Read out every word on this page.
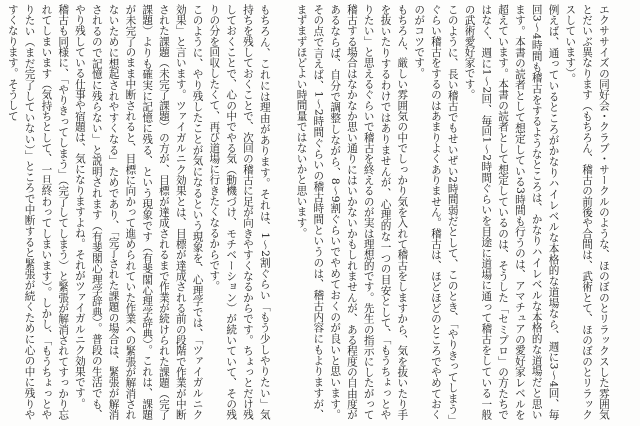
エクササイズの同好会・クラブ・サークルのような、ほのぼのとリラックスした雰囲気とだいぶ異なります（もちろん、稽古の前後や合間は、武術とて、ほのぼのとリラックスしています）。

例えば、通っているところがかなりハイレベルな本格的な道場なら、週に3〜4回、毎回3〜4時間も稽古をするようなところは、かなりハイレベルな本格的な道場だと思います。本書の読者として想定している3時間も行うのは、アマチュアの愛好家レベルを超えています。本書の読者として想定しているのは、そうした「セミプロ」の方たちではなく、週に1〜2回、毎回1〜2時間ぐらいを目途に道場に通って稽古をしている一般の武術愛好家です。

このように、長い稽古でもせいぜい2時間弱だとして、このとき、「やりきってしまう」ぐらい稽古をするのはあまりよくありません。稽古は、ほどほどのところでやめておくのがコツです。

もちろん、厳しい雰囲気の中でしっかり気を入れて稽古をしますから、気を抜いたり手を抜いたりするわけではありませんが、心理的な一つの目安として、「もうちょっとやりたい」と思えるぐらいで稽古を終えるのが実は理想的です。先生の指示にしたがって稽古する場合はなかなか思い通りにはいかないかもしれませんが、ある程度の自由度があるならば、自分で調整しながら、8〜9割ぐらいでやめておくのが良いと思います。その点で言えば、1〜2時間ぐらいの稽古時間というのは、稽古内容にもよりますが、まずまずほどよい時間量ではないかと思います。

もちろん、これには理由があります。それは、1〜2割ぐらい「もう少しやりたい」気持ちを残しておくことで、次回の稽古に足が向きやすくなるからです。ちょっとだけ残しておくことで、心の中でやる気（動機づけ、モチベーション）が続いていて、その残りの分を回収したくて、再び道場に行きたくなるからです。

このように、やり残したことが気になるという現象を、心理学では、「ツァイガルニク効果」と言います。ツァイガルニク効果とは、目標が達成される前の段階で作業が中断された課題（未完了課題）の方が、目標が達成されるまで作業が続けられた課題（完了課題）よりも確実に記憶に残る、という現象です（有斐閣心理学辞典）。これは、課題が未完了のまま中断されると、目標に向かって進められていた作業への緊張が解消されないために想起されやすくなる」ためであり、「完了された課題の場合は、緊張が解消されるので記憶に残らない」と説明されます（有斐閣心理学辞典）。普段の生活でも、やり残している仕事や宿題は、気になりますよね。それがツァイガルニク効果です。

稽古も同様に、「やりきってしまう」（完了してしまう）と緊張が解消されてすっかり忘れてしまいます（気持ちとして、一旦終わってしまいます）。しかし、「もうちょっとやりたい（まだ完了していない）」ところで中断すると緊張が続くために心の中に残りやすくなります。そうして
